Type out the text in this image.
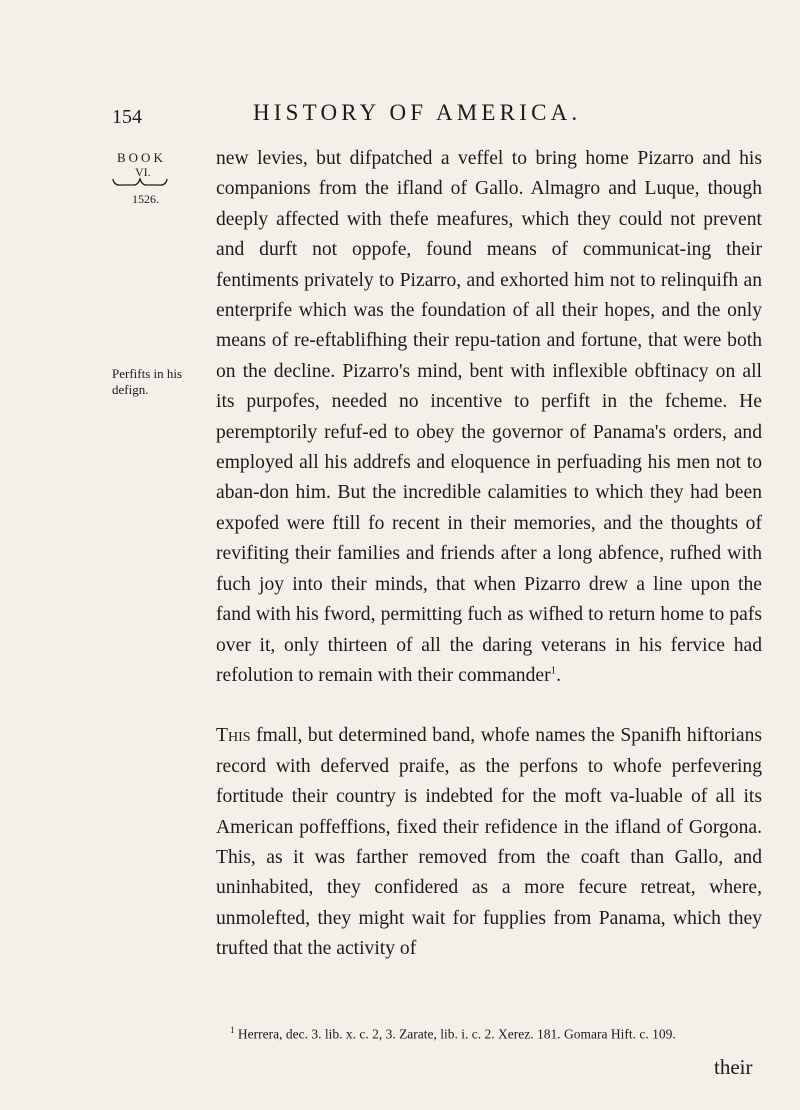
154	HISTORY OF AMERICA.
BOOK
VI.
1526.
Perfifts in his defign.

new levies, but difpatched a veffel to bring home Pizarro and his companions from the ifland of Gallo. Almagro and Luque, though deeply affected with thefe meafures, which they could not prevent and durft not oppofe, found means of communicat-ing their fentiments privately to Pizarro, and exhorted him not to relinquifh an enterprife which was the foundation of all their hopes, and the only means of re-eftablifhing their repu-tation and fortune, that were both on the decline. Pizarro's mind, bent with inflexible obftinacy on all its purpofes, needed no incentive to perfift in the fcheme. He peremptorily refuf-ed to obey the governor of Panama's orders, and employed all his addrefs and eloquence in perfuading his men not to aban-don him. But the incredible calamities to which they had been expofed were ftill fo recent in their memories, and the thoughts of revifiting their families and friends after a long abfence, rufhed with fuch joy into their minds, that when Pizarro drew a line upon the fand with his fword, permitting fuch as wifhed to return home to pafs over it, only thirteen of all the daring veterans in his fervice had refolution to remain with their commander$^1$.

This fmall, but determined band, whofe names the Spanifh hiftorians record with deferved praife, as the perfons to whofe perfevering fortitude their country is indebted for the moft va-luable of all its American poffeffions, fixed their refidence in the ifland of Gorgona. This, as it was farther removed from the coaft than Gallo, and uninhabited, they confidered as a more fecure retreat, where, unmolefted, they might wait for fupplies from Panama, which they trufted that the activity of

$^1$ Herrera, dec. 3. lib. x. c. 2, 3. Zarate, lib. i. c. 2. Xerez. 181. Gomara Hift. c. 109.
their
